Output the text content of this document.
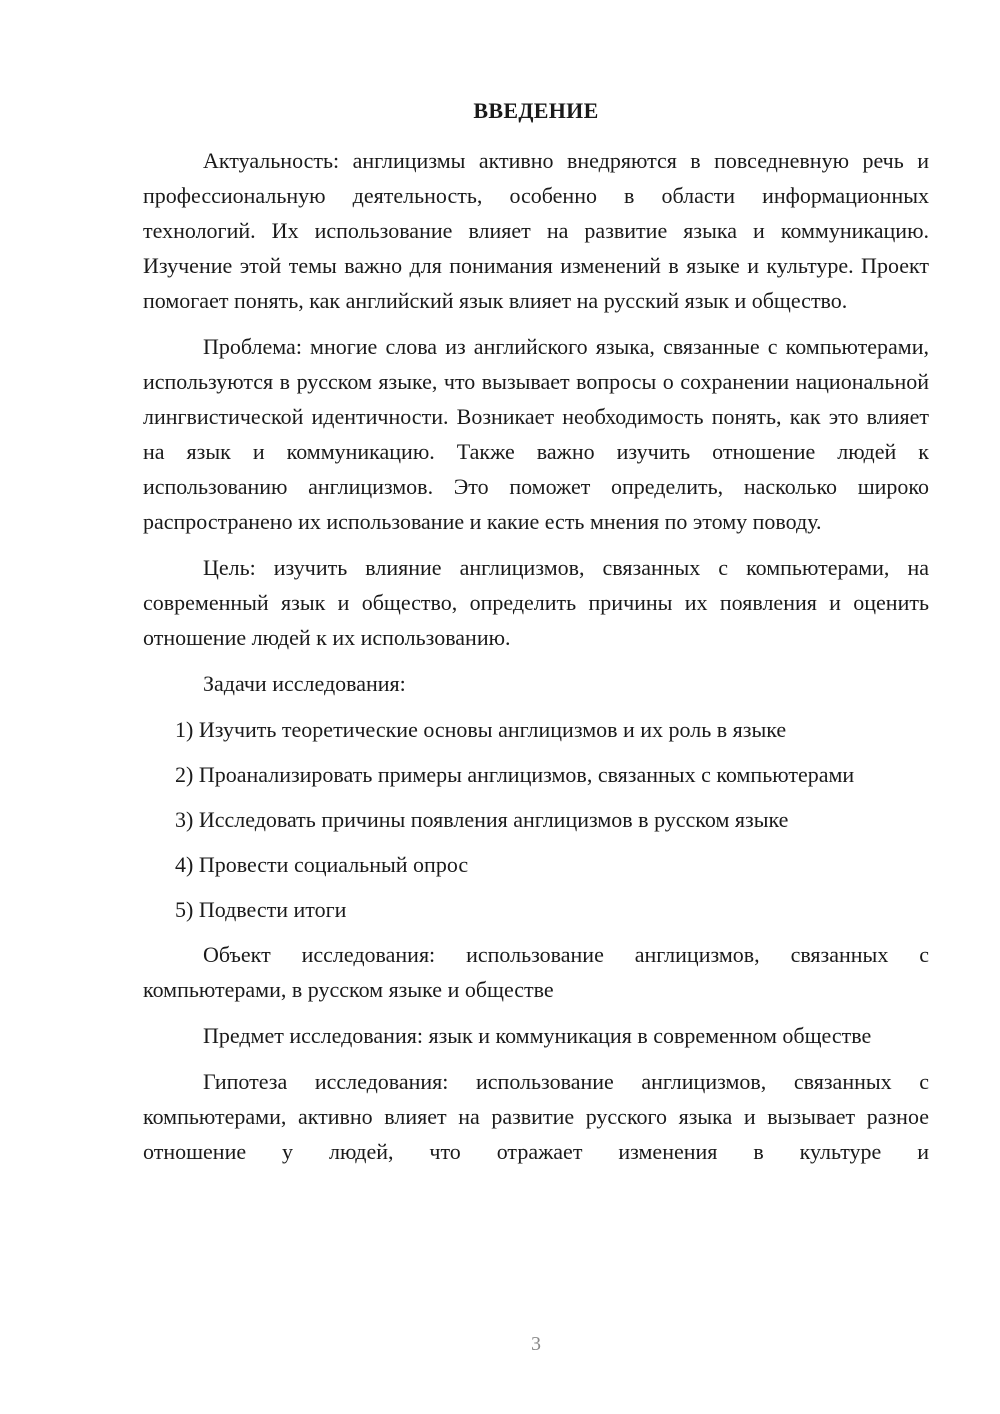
ВВЕДЕНИЕ

Актуальность: англицизмы активно внедряются в повседневную речь и профессиональную деятельность, особенно в области информационных технологий. Их использование влияет на развитие языка и коммуникацию. Изучение этой темы важно для понимания изменений в языке и культуре. Проект помогает понять, как английский язык влияет на русский язык и общество.

Проблема: многие слова из английского языка, связанные с компьютерами, используются в русском языке, что вызывает вопросы о сохранении национальной лингвистической идентичности. Возникает необходимость понять, как это влияет на язык и коммуникацию. Также важно изучить отношение людей к использованию англицизмов. Это поможет определить, насколько широко распространено их использование и какие есть мнения по этому поводу.

Цель: изучить влияние англицизмов, связанных с компьютерами, на современный язык и общество, определить причины их появления и оценить отношение людей к их использованию.

Задачи исследования:

1) Изучить теоретические основы англицизмов и их роль в языке

2) Проанализировать примеры англицизмов, связанных с компьютерами

3) Исследовать причины появления англицизмов в русском языке

4) Провести социальный опрос

5) Подвести итоги

Объект исследования: использование англицизмов, связанных с компьютерами, в русском языке и обществе

Предмет исследования: язык и коммуникация в современном обществе

Гипотеза исследования: использование англицизмов, связанных с компьютерами, активно влияет на развитие русского языка и вызывает разное отношение у людей, что отражает изменения в культуре и

3
